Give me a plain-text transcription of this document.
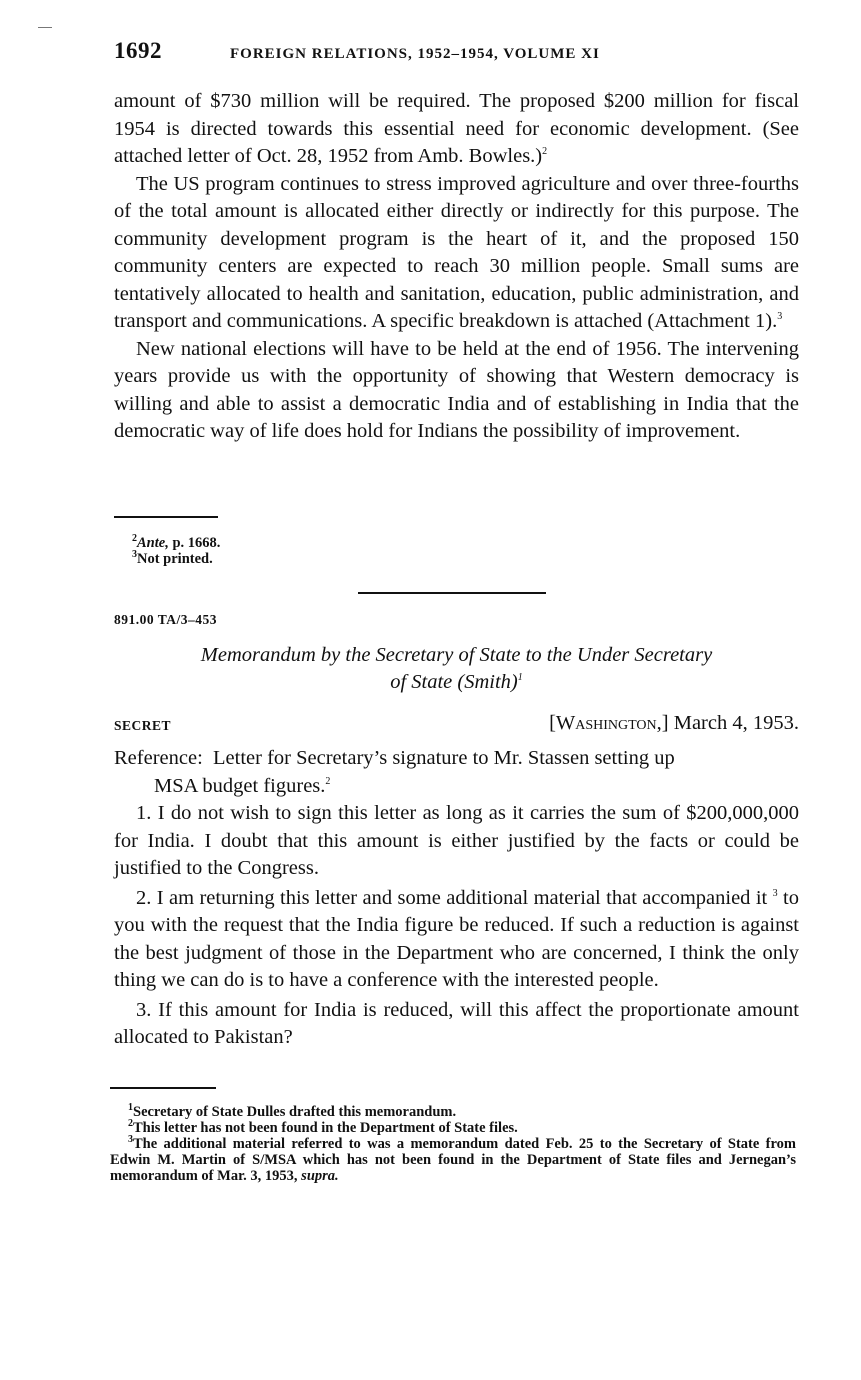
1692	FOREIGN RELATIONS, 1952–1954, VOLUME XI

amount of $730 million will be required. The proposed $200 million for fiscal 1954 is directed towards this essential need for economic development. (See attached letter of Oct. 28, 1952 from Amb. Bowles.)$^2$

The US program continues to stress improved agriculture and over three-fourths of the total amount is allocated either directly or indirectly for this purpose. The community development program is the heart of it, and the proposed 150 community centers are expected to reach 30 million people. Small sums are tentatively allocated to health and sanitation, education, public administration, and transport and communications. A specific breakdown is attached (Attachment 1).$^3$

New national elections will have to be held at the end of 1956. The intervening years provide us with the opportunity of showing that Western democracy is willing and able to assist a democratic India and of establishing in India that the democratic way of life does hold for Indians the possibility of improvement.

$^2$Ante, p. 1668.
$^3$Not printed.
891.00 TA/3–453
Memorandum by the Secretary of State to the Under Secretary
of State (Smith)$^1$
SECRET	[Washington,] March 4, 1953.
Reference: Letter for Secretary’s signature to Mr. Stassen setting up
MSA budget figures.$^2$

1. I do not wish to sign this letter as long as it carries the sum of $200,000,000 for India. I doubt that this amount is either justified by the facts or could be justified to the Congress.

2. I am returning this letter and some additional material that accompanied it $^3$ to you with the request that the India figure be reduced. If such a reduction is against the best judgment of those in the Department who are concerned, I think the only thing we can do is to have a conference with the interested people.

3. If this amount for India is reduced, will this affect the proportionate amount allocated to Pakistan?

$^1$Secretary of State Dulles drafted this memorandum.
$^2$This letter has not been found in the Department of State files.
$^3$The additional material referred to was a memorandum dated Feb. 25 to the Secretary of State from Edwin M. Martin of S/MSA which has not been found in the Department of State files and Jernegan’s memorandum of Mar. 3, 1953, supra.
